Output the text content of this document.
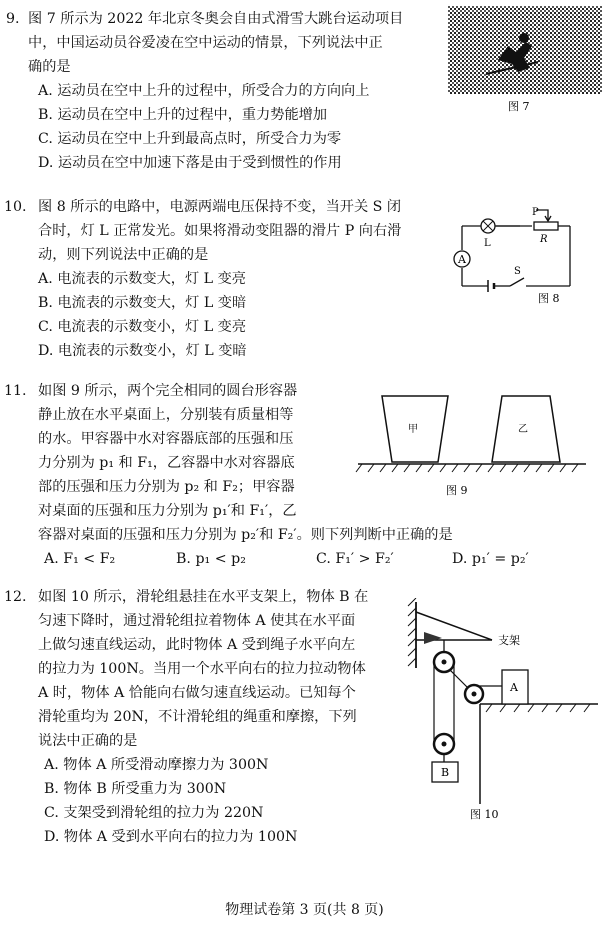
9. 图 7 所示为 2022 年北京冬奥会自由式滑雪大跳台运动项目
中，中国运动员谷爱凌在空中运动的情景，下列说法中正
确的是
A. 运动员在空中上升的过程中，所受合力的方向向上
B. 运动员在空中上升的过程中，重力势能增加
C. 运动员在空中上升到最高点时，所受合力为零
D. 运动员在空中加速下落是由于受到惯性的作用
图 7
10. 图 8 所示的电路中，电源两端电压保持不变，当开关 S 闭
合时，灯 L 正常发光。如果将滑动变阻器的滑片 P 向右滑
动，则下列说法中正确的是
A. 电流表的示数变大，灯 L 变亮
B. 电流表的示数变大，灯 L 变暗
C. 电流表的示数变小，灯 L 变亮
D. 电流表的示数变小，灯 L 变暗
A
L
P
R
S
图 8
11. 如图 9 所示，两个完全相同的圆台形容器
静止放在水平桌面上，分别装有质量相等
的水。甲容器中水对容器底部的压强和压
力分别为 p₁ 和 F₁，乙容器中水对容器底
部的压强和压力分别为 p₂ 和 F₂；甲容器
对桌面的压强和压力分别为 p₁′和 F₁′，乙
容器对桌面的压强和压力分别为 p₂′和 F₂′。则下列判断中正确的是
A. F₁ < F₂	B. p₁ < p₂	C. F₁′ > F₂′	D. p₁′ = p₂′
甲	乙
图 9
12. 如图 10 所示，滑轮组悬挂在水平支架上，物体 B 在
匀速下降时，通过滑轮组拉着物体 A 使其在水平面
上做匀速直线运动，此时物体 A 受到绳子水平向左
的拉力为 100N。当用一个水平向右的拉力拉动物体
A 时，物体 A 恰能向右做匀速直线运动。已知每个
滑轮重均为 20N，不计滑轮组的绳重和摩擦，下列
说法中正确的是
A. 物体 A 所受滑动摩擦力为 300N
B. 物体 B 所受重力为 300N
C. 支架受到滑轮组的拉力为 220N
D. 物体 A 受到水平向右的拉力为 100N
支架
B
A
图 10
物理试卷第 3 页(共 8 页)
